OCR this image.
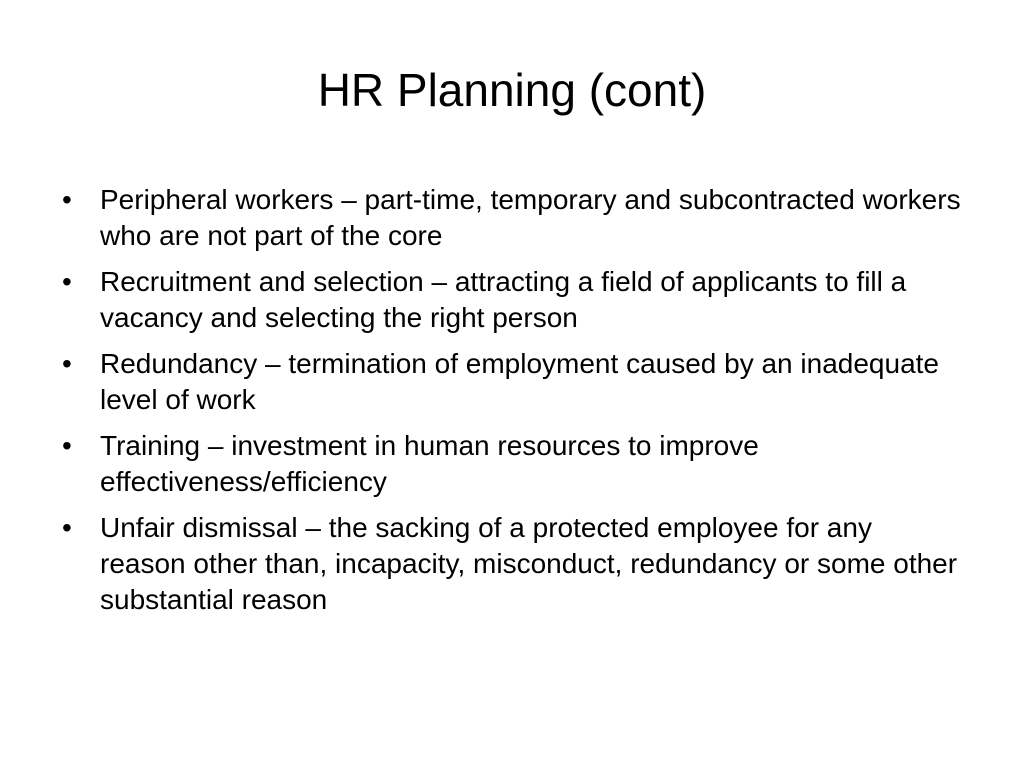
HR Planning (cont)
•	Peripheral workers – part-time, temporary and subcontracted workers who are not part of the core
•	Recruitment and selection – attracting a field of applicants to fill a vacancy and selecting the right person
•	Redundancy – termination of employment caused by an inadequate level of work
•	Training – investment in human resources to improve effectiveness/efficiency
•	Unfair dismissal – the sacking of a protected employee for any reason other than, incapacity, misconduct, redundancy or some other substantial reason
